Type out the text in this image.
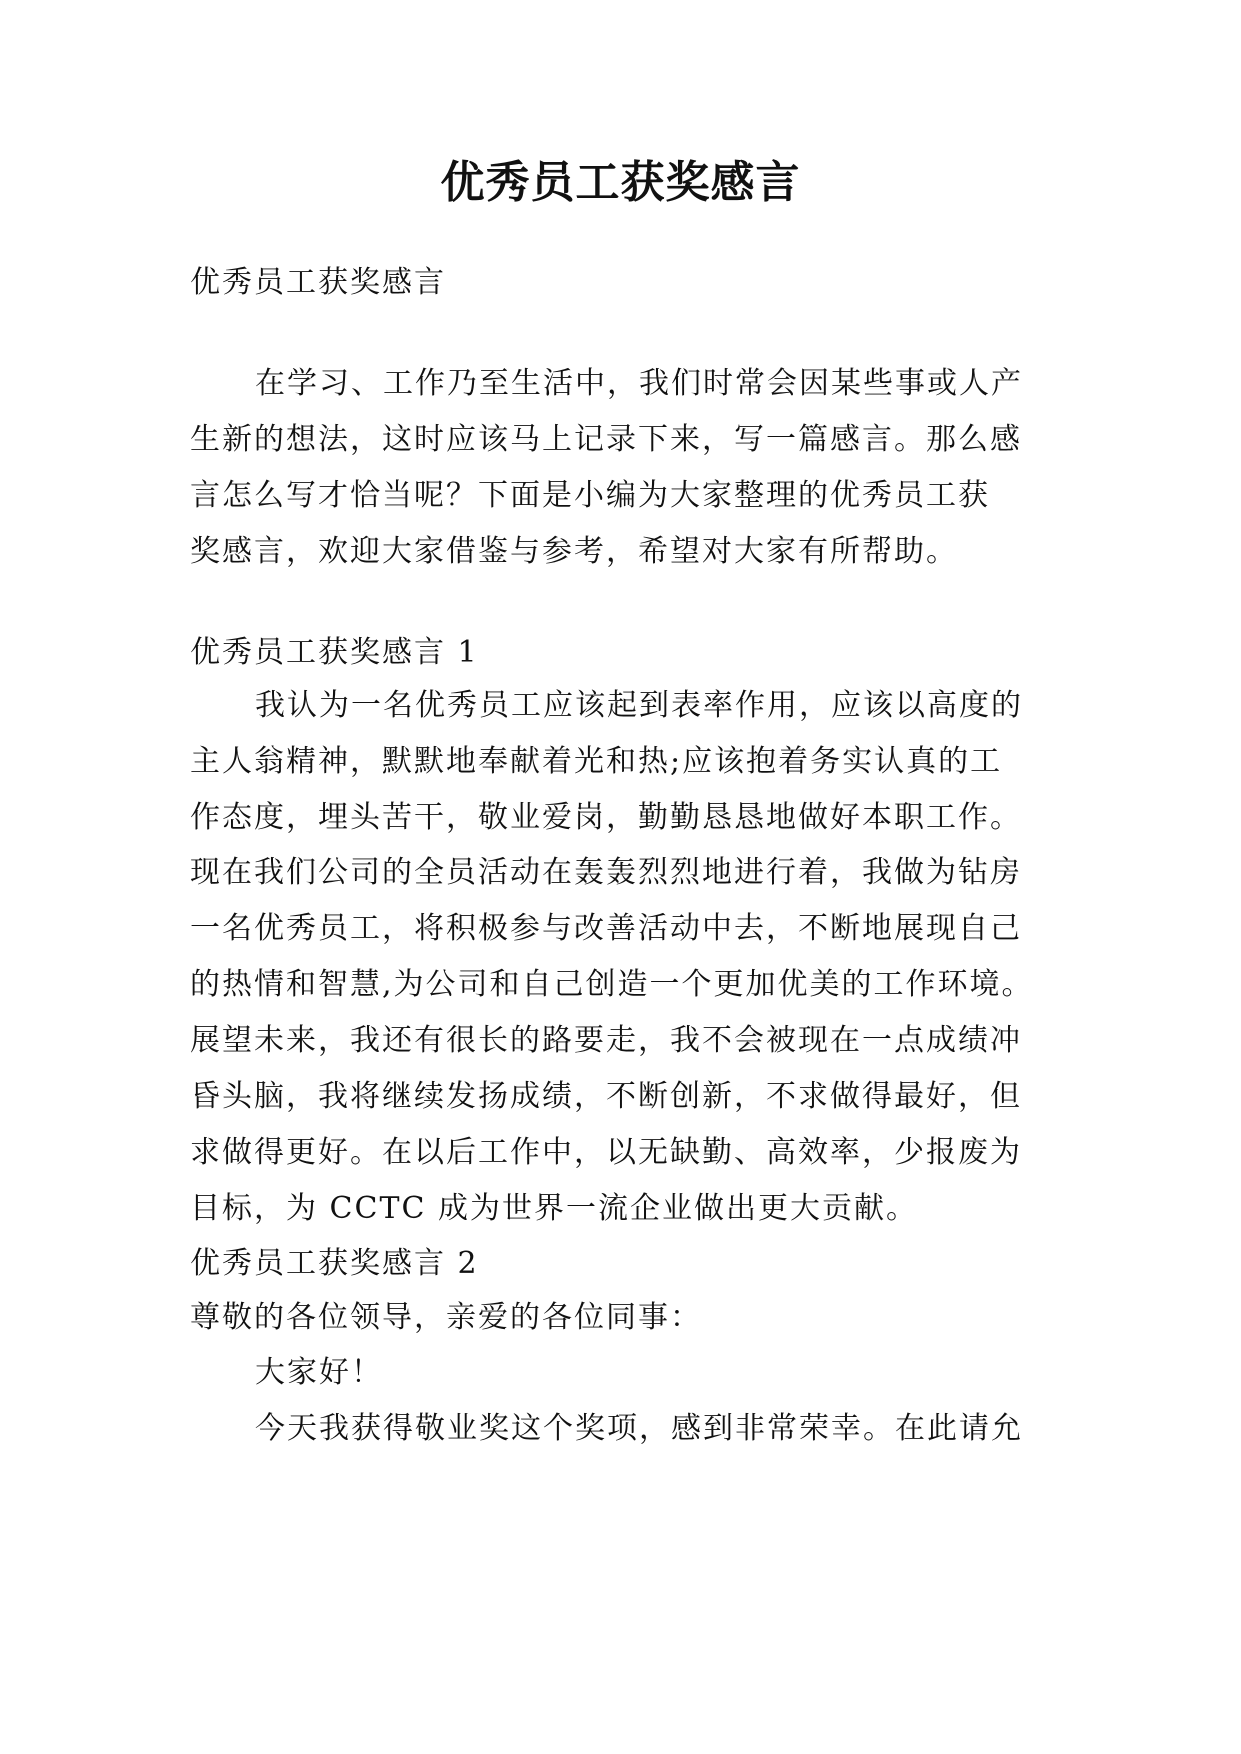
优秀员工获奖感言
优秀员工获奖感言
在学习、工作乃至生活中，我们时常会因某些事或人产
生新的想法，这时应该马上记录下来，写一篇感言。那么感
言怎么写才恰当呢？下面是小编为大家整理的优秀员工获
奖感言，欢迎大家借鉴与参考，希望对大家有所帮助。
优秀员工获奖感言 1
我认为一名优秀员工应该起到表率作用，应该以高度的
主人翁精神，默默地奉献着光和热;应该抱着务实认真的工
作态度，埋头苦干，敬业爱岗，勤勤恳恳地做好本职工作。
现在我们公司的全员活动在轰轰烈烈地进行着，我做为钻房
一名优秀员工，将积极参与改善活动中去，不断地展现自己
的热情和智慧,为公司和自己创造一个更加优美的工作环境。
展望未来，我还有很长的路要走，我不会被现在一点成绩冲
昏头脑，我将继续发扬成绩，不断创新，不求做得最好，但
求做得更好。在以后工作中，以无缺勤、高效率，少报废为
目标，为 CCTC 成为世界一流企业做出更大贡献。
优秀员工获奖感言 2
尊敬的各位领导，亲爱的各位同事：
大家好！
今天我获得敬业奖这个奖项，感到非常荣幸。在此请允
